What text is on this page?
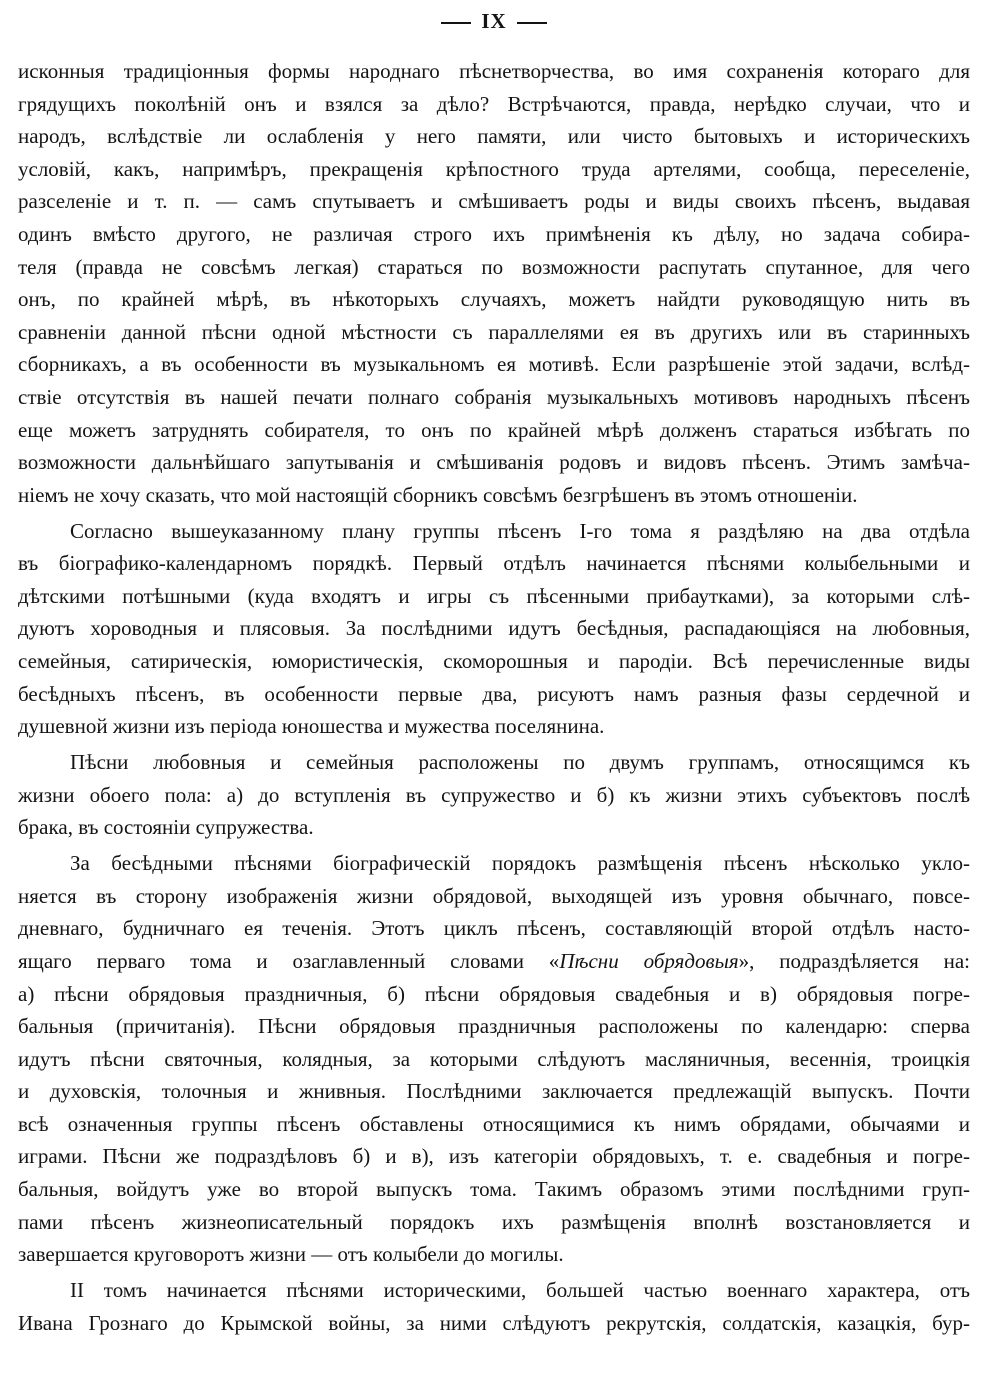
IX
исконныя традиціонныя формы народнаго пѣснетворчества, во имя сохраненія котораго для
грядущихъ поколѣній онъ и взялся за дѣло? Встрѣчаются, правда, нерѣдко случаи, что и
народъ, вслѣдствіе ли ослабленія у него памяти, или чисто бытовыхъ и историческихъ
условій, какъ, напримѣръ, прекращенія крѣпостного труда артелями, сообща, переселеніе,
разселеніе и т. п. — самъ спутываетъ и смѣшиваетъ роды и виды своихъ пѣсенъ, выдавая
одинъ вмѣсто другого, не различая строго ихъ примѣненія къ дѣлу, но задача собира-
теля (правда не совсѣмъ легкая) стараться по возможности распутать спутанное, для чего
онъ, по крайней мѣрѣ, въ нѣкоторыхъ случаяхъ, можетъ найдти руководящую нить въ
сравненіи данной пѣсни одной мѣстности съ параллелями ея въ другихъ или въ старинныхъ
сборникахъ, а въ особенности въ музыкальномъ ея мотивѣ. Если разрѣшеніе этой задачи, вслѣд-
ствіе отсутствія въ нашей печати полнаго собранія музыкальныхъ мотивовъ народныхъ пѣсенъ
еще можетъ затруднять собирателя, то онъ по крайней мѣрѣ долженъ стараться избѣгать по
возможности дальнѣйшаго запутыванія и смѣшиванія родовъ и видовъ пѣсенъ. Этимъ замѣча-
ніемъ не хочу сказать, что мой настоящій сборникъ совсѣмъ безгрѣшенъ въ этомъ отношеніи.
Согласно вышеуказанному плану группы пѣсенъ I-го тома я раздѣляю на два отдѣла
въ біографико-календарномъ порядкѣ. Первый отдѣлъ начинается пѣснями колыбельными и
дѣтскими потѣшными (куда входятъ и игры съ пѣсенными прибаутками), за которыми слѣ-
дуютъ хороводныя и плясовыя. За послѣдними идутъ бесѣдныя, распадающіяся на любовныя,
семейныя, сатирическія, юмористическія, скоморошныя и пародіи. Всѣ перечисленные виды
бесѣдныхъ пѣсенъ, въ особенности первые два, рисуютъ намъ разныя фазы сердечной и
душевной жизни изъ періода юношества и мужества поселянина.
Пѣсни любовныя и семейныя расположены по двумъ группамъ, относящимся къ
жизни обоего пола: а) до вступленія въ супружество и б) къ жизни этихъ субъектовъ послѣ
брака, въ состояніи супружества.
За бесѣдными пѣснями біографическій порядокъ размѣщенія пѣсенъ нѣсколько укло-
няется въ сторону изображенія жизни обрядовой, выходящей изъ уровня обычнаго, повсе-
дневнаго, будничнаго ея теченія. Этотъ циклъ пѣсенъ, составляющій второй отдѣлъ насто-
ящаго перваго тома и озаглавленный словами «Пѣсни обрядовыя», подраздѣляется на:
а) пѣсни обрядовыя праздничныя, б) пѣсни обрядовыя свадебныя и в) обрядовыя погре-
бальныя (причитанія). Пѣсни обрядовыя праздничныя расположены по календарю: сперва
идутъ пѣсни святочныя, колядныя, за которыми слѣдуютъ масляничныя, весеннія, троицкія
и духовскія, толочныя и жнивныя. Послѣдними заключается предлежащій выпускъ. Почти
всѣ означенныя группы пѣсенъ обставлены относящимися къ нимъ обрядами, обычаями и
играми. Пѣсни же подраздѣловъ б) и в), изъ категоріи обрядовыхъ, т. е. свадебныя и погре-
бальныя, войдутъ уже во второй выпускъ тома. Такимъ образомъ этими послѣдними груп-
пами пѣсенъ жизнеописательный порядокъ ихъ размѣщенія вполнѣ возстановляется и
завершается круговоротъ жизни — отъ колыбели до могилы.
II томъ начинается пѣснями историческими, большей частью военнаго характера, отъ
Ивана Грознаго до Крымской войны, за ними слѣдуютъ рекрутскія, солдатскія, казацкія, бур-
